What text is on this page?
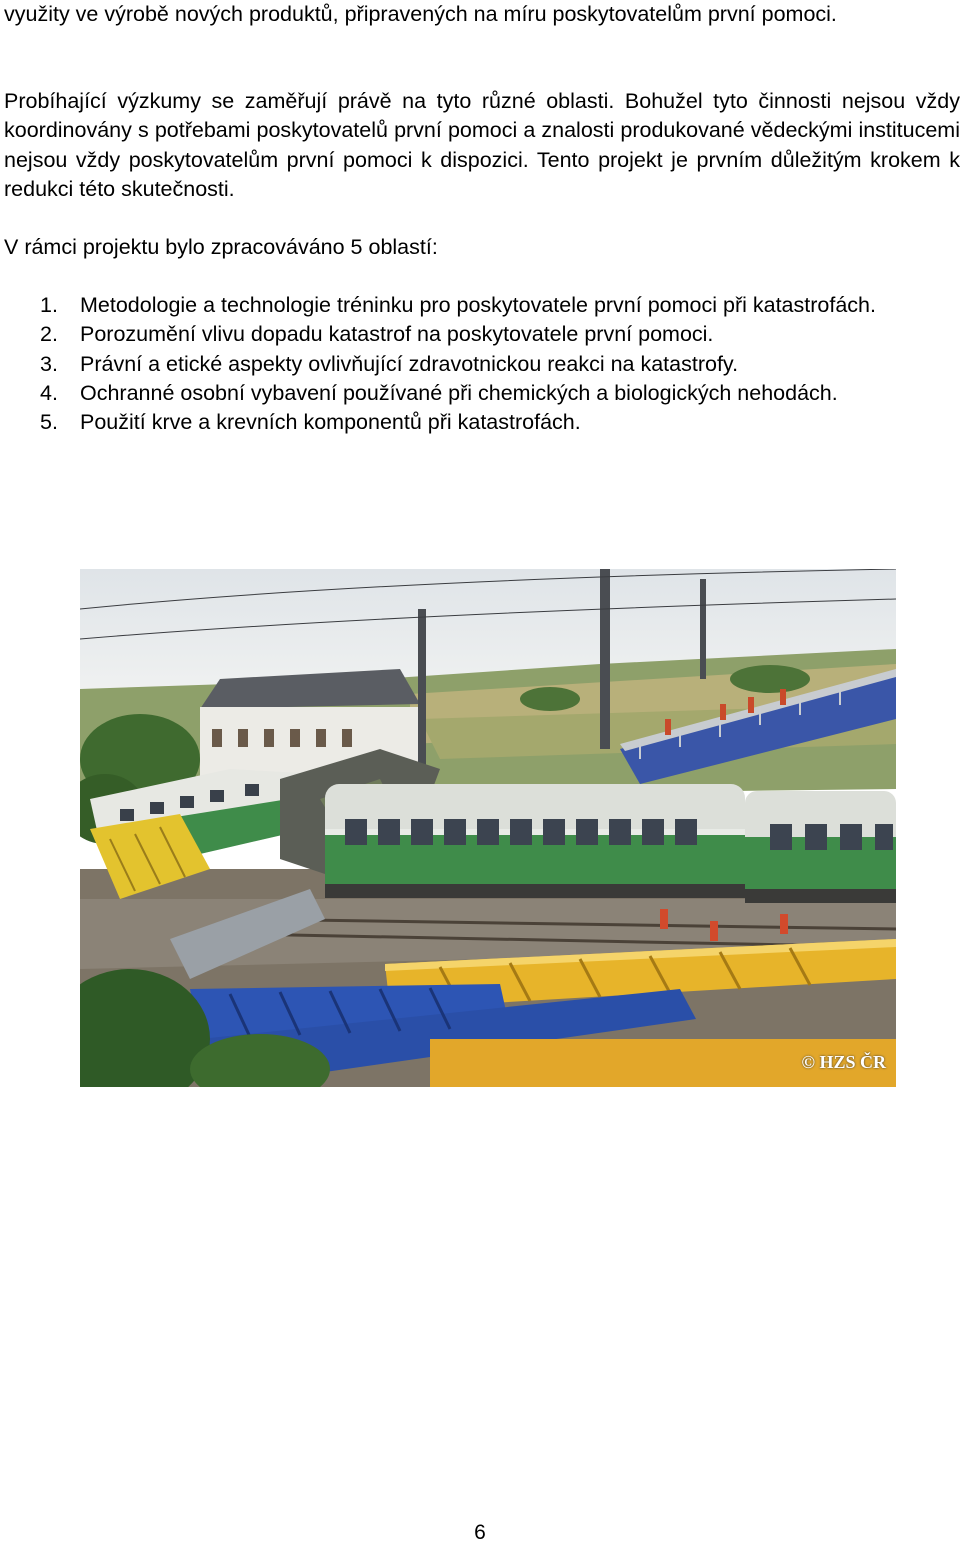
využity ve výrobě nových produktů, připravených na míru poskytovatelům první pomoci.

Probíhající výzkumy se zaměřují právě na tyto různé oblasti. Bohužel tyto činnosti nejsou vždy koordinovány s potřebami poskytovatelů první pomoci a znalosti produkované vědeckými institucemi nejsou vždy poskytovatelům první pomoci k dispozici. Tento projekt je prvním důležitým krokem k redukci této skutečnosti.

V rámci projektu bylo zpracováváno 5 oblastí:

1. Metodologie a technologie tréninku pro poskytovatele první pomoci při katastrofách.
2. Porozumění vlivu dopadu katastrof na poskytovatele první pomoci.
3. Právní a etické aspekty ovlivňující zdravotnickou reakci na katastrofy.
4. Ochranné osobní vybavení používané při chemických a biologických nehodách.
5. Použití krve a krevních komponentů při katastrofách.
© HZS ČR
6
